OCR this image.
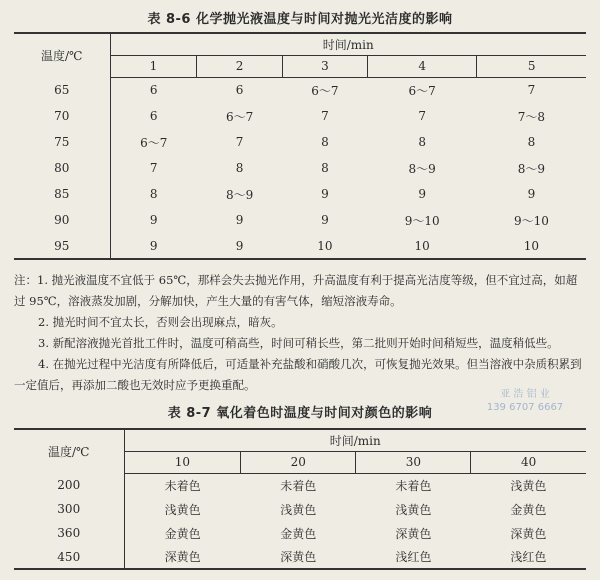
表 8-6 化学抛光液温度与时间对抛光光洁度的影响
温度/℃	时间/min				
	1	2	3	4	5
65	6	6	6～7	6～7	7
70	6	6～7	7	7	7～8
75	6～7	7	8	8	8
80	7	8	8	8～9	8～9
85	8	8～9	9	9	9
90	9	9	9	9～10	9～10
95	9	9	10	10	10

注：1. 抛光液温度不宜低于 65℃，那样会失去抛光作用，升高温度有利于提高光洁度等级，但不宜过高，如超过 95℃，溶液蒸发加剧，分解加快，产生大量的有害气体，缩短溶液寿命。

2. 抛光时间不宜太长，否则会出现麻点，暗灰。

3. 新配溶液抛光首批工件时，温度可稍高些，时间可稍长些，第二批则开始时间稍短些，温度稍低些。

4. 在抛光过程中光洁度有所降低后，可适量补充盐酸和硝酸几次，可恢复抛光效果。但当溶液中杂质积累到一定值后，再添加二酸也无效时应予更换重配。

亚 浩 铝 业
139 6707 6667
表 8-7 氧化着色时温度与时间对颜色的影响
温度/℃	时间/min			
	10	20	30	40
200	未着色	未着色	未着色	浅黄色
300	浅黄色	浅黄色	浅黄色	金黄色
360	金黄色	金黄色	深黄色	深黄色
450	深黄色	深黄色	浅红色	浅红色
